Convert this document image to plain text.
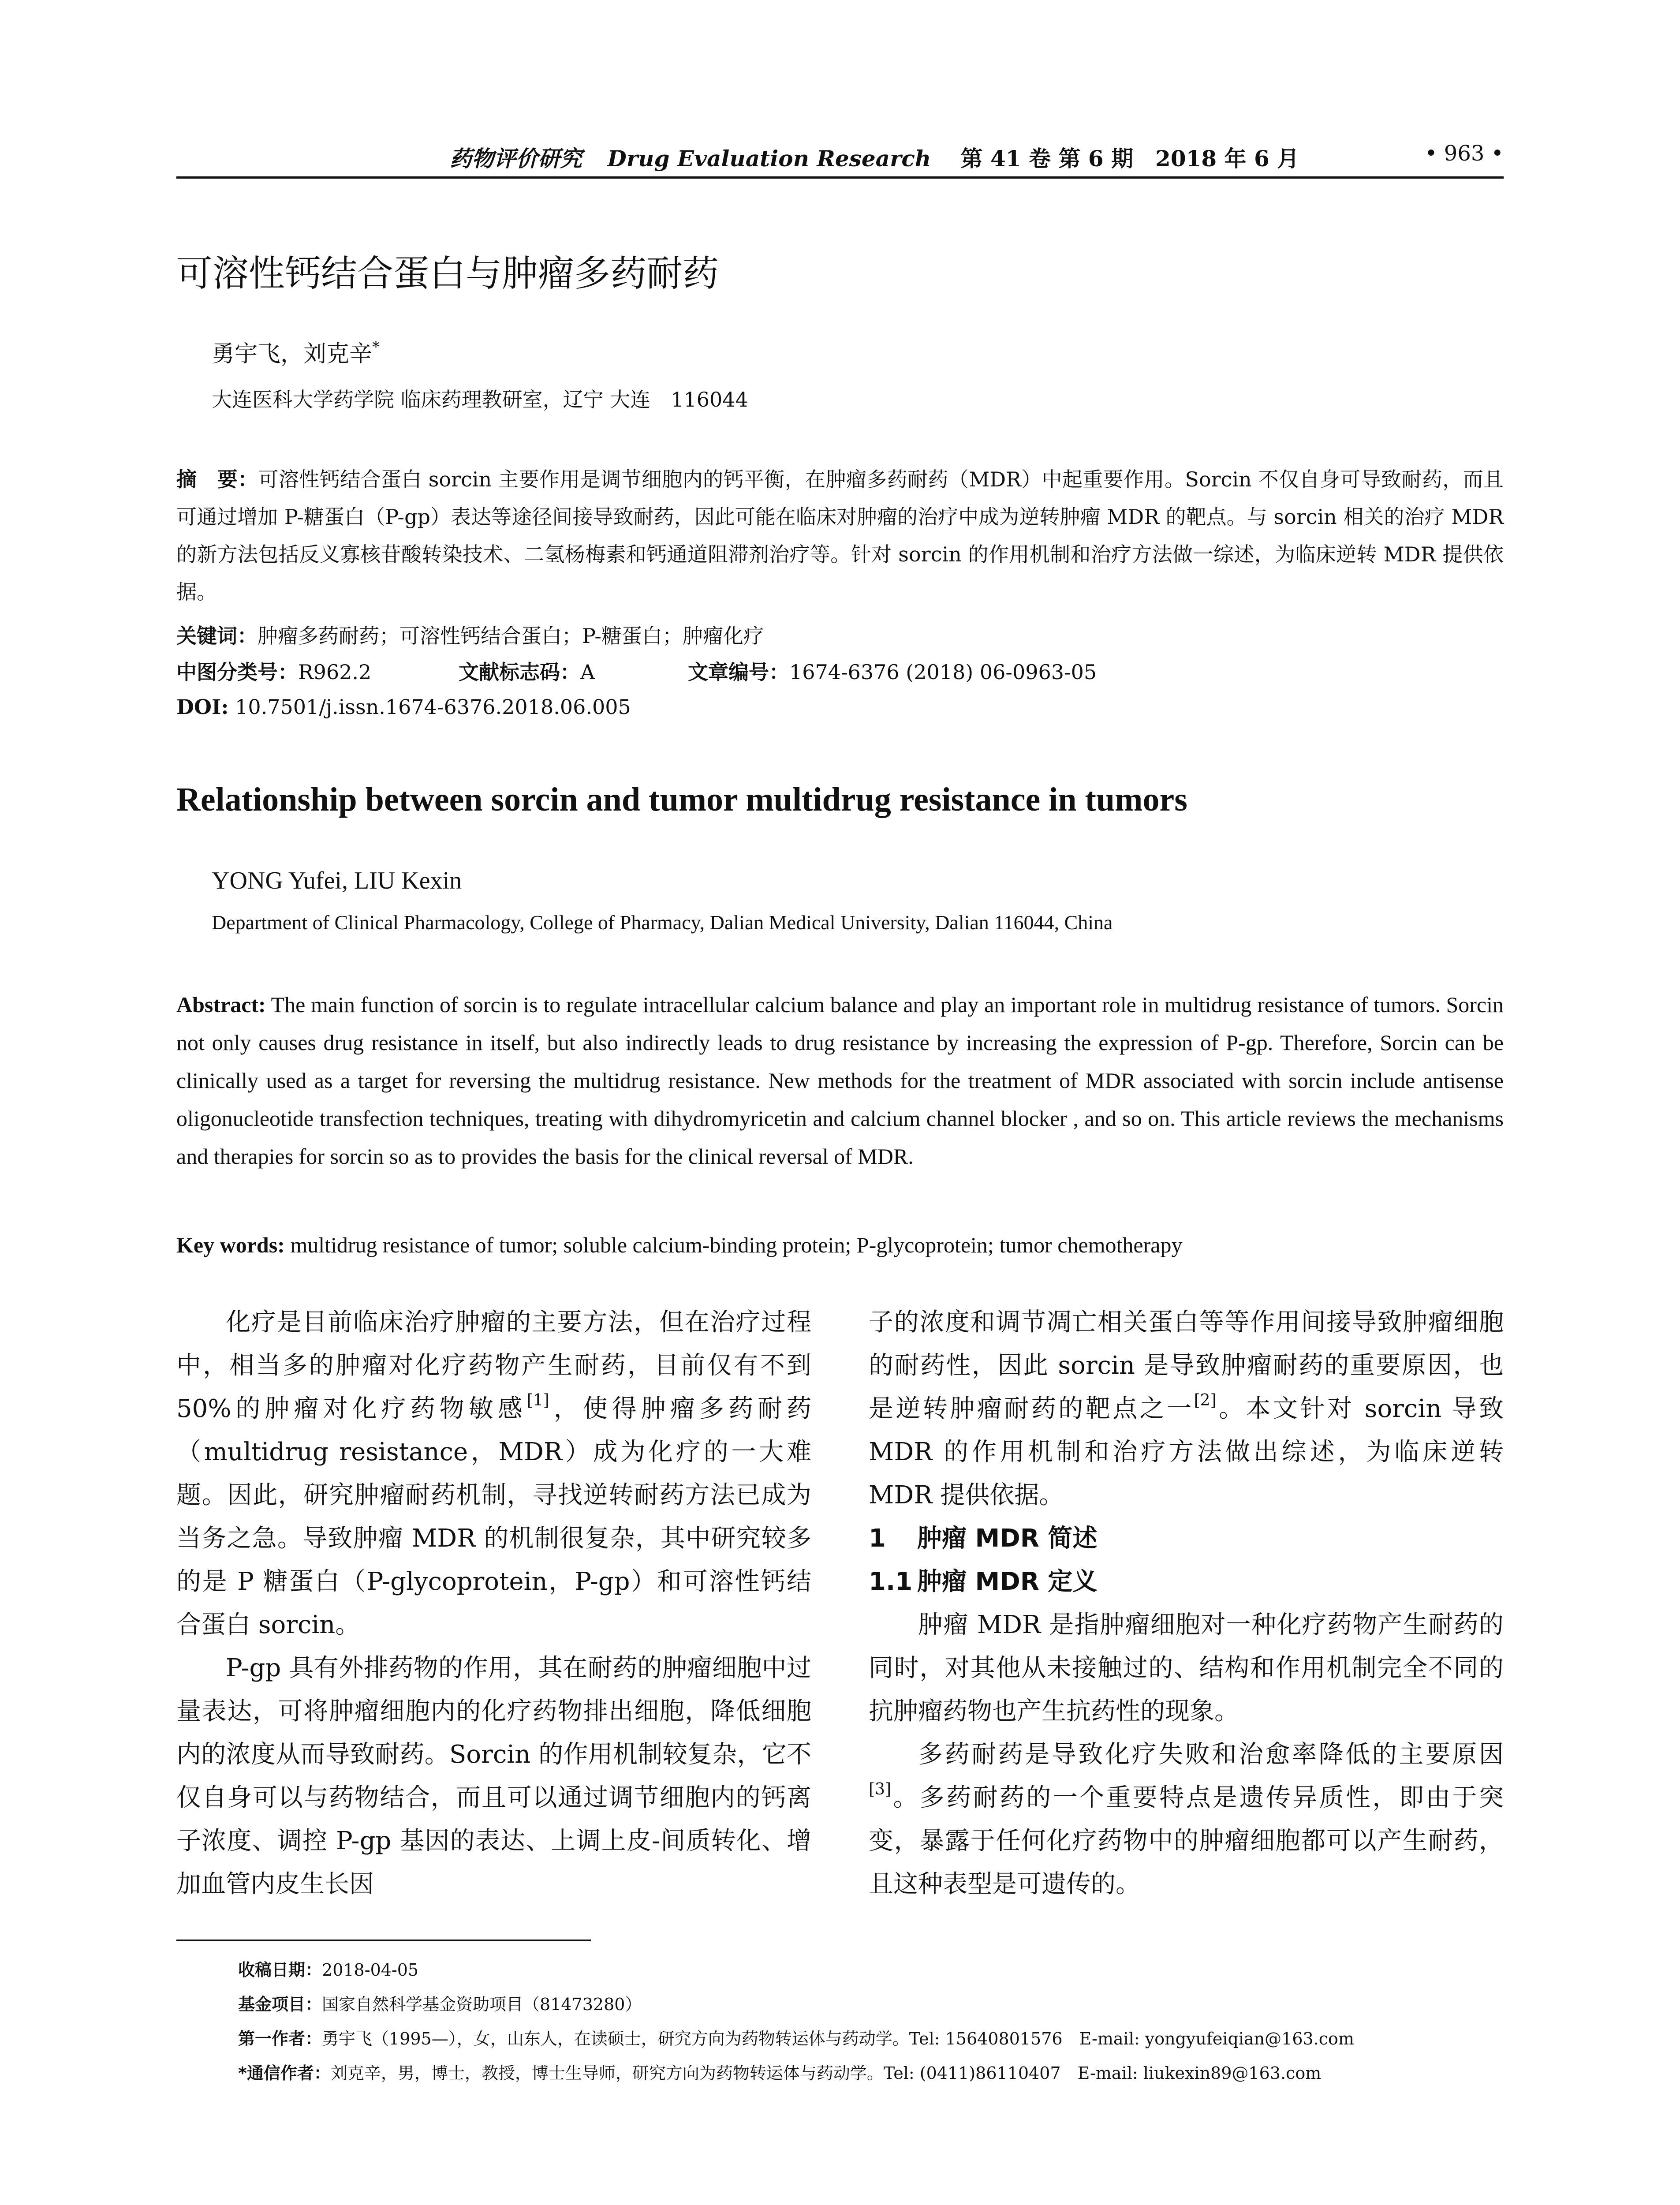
药物评价研究 Drug Evaluation Research 第 41 卷 第 6 期　2018 年 6 月	• 963 •
可溶性钙结合蛋白与肿瘤多药耐药
勇宇飞，刘克辛*
大连医科大学药学院 临床药理教研室，辽宁 大连　116044
摘　要：可溶性钙结合蛋白 sorcin 主要作用是调节细胞内的钙平衡，在肿瘤多药耐药（MDR）中起重要作用。Sorcin 不仅自身可导致耐药，而且可通过增加 P-糖蛋白（P-gp）表达等途径间接导致耐药，因此可能在临床对肿瘤的治疗中成为逆转肿瘤 MDR 的靶点。与 sorcin 相关的治疗 MDR 的新方法包括反义寡核苷酸转染技术、二氢杨梅素和钙通道阻滞剂治疗等。针对 sorcin 的作用机制和治疗方法做一综述，为临床逆转 MDR 提供依据。
关键词：肿瘤多药耐药；可溶性钙结合蛋白；P-糖蛋白；肿瘤化疗
中图分类号：R962.2	文献标志码：A	文章编号：1674-6376 (2018) 06-0963-05
DOI: 10.7501/j.issn.1674-6376.2018.06.005
Relationship between sorcin and tumor multidrug resistance in tumors
YONG Yufei, LIU Kexin
Department of Clinical Pharmacology, College of Pharmacy, Dalian Medical University, Dalian 116044, China
Abstract: The main function of sorcin is to regulate intracellular calcium balance and play an important role in multidrug resistance of tumors. Sorcin not only causes drug resistance in itself, but also indirectly leads to drug resistance by increasing the expression of P-gp. Therefore, Sorcin can be clinically used as a target for reversing the multidrug resistance. New methods for the treatment of MDR associated with sorcin include antisense oligonucleotide transfection techniques, treating with dihydromyricetin and calcium channel blocker , and so on. This article reviews the mechanisms and therapies for sorcin so as to provides the basis for the clinical reversal of MDR.
Key words: multidrug resistance of tumor; soluble calcium-binding protein; P-glycoprotein; tumor chemotherapy

化疗是目前临床治疗肿瘤的主要方法，但在治疗过程中，相当多的肿瘤对化疗药物产生耐药，目前仅有不到 50%的肿瘤对化疗药物敏感[1]，使得肿瘤多药耐药（multidrug resistance，MDR）成为化疗的一大难题。因此，研究肿瘤耐药机制，寻找逆转耐药方法已成为当务之急。导致肿瘤 MDR 的机制很复杂，其中研究较多的是 P 糖蛋白（P-glycoprotein，P-gp）和可溶性钙结合蛋白 sorcin。

P-gp 具有外排药物的作用，其在耐药的肿瘤细胞中过量表达，可将肿瘤细胞内的化疗药物排出细胞，降低细胞内的浓度从而导致耐药。Sorcin 的作用机制较复杂，它不仅自身可以与药物结合，而且可以通过调节细胞内的钙离子浓度、调控 P-gp 基因的表达、上调上皮-间质转化、增加血管内皮生长因

子的浓度和调节凋亡相关蛋白等等作用间接导致肿瘤细胞的耐药性，因此 sorcin 是导致肿瘤耐药的重要原因，也是逆转肿瘤耐药的靶点之一[2]。本文针对 sorcin 导致 MDR 的作用机制和治疗方法做出综述，为临床逆转 MDR 提供依据。

1 肿瘤 MDR 简述
1.1 肿瘤 MDR 定义

肿瘤 MDR 是指肿瘤细胞对一种化疗药物产生耐药的同时，对其他从未接触过的、结构和作用机制完全不同的抗肿瘤药物也产生抗药性的现象。

多药耐药是导致化疗失败和治愈率降低的主要原因[3]。多药耐药的一个重要特点是遗传异质性，即由于突变，暴露于任何化疗药物中的肿瘤细胞都可以产生耐药，且这种表型是可遗传的。

收稿日期：2018-04-05
基金项目：国家自然科学基金资助项目（81473280）
第一作者：勇宇飞（1995—），女，山东人，在读硕士，研究方向为药物转运体与药动学。Tel: 15640801576　E-mail: yongyufeiqian@163.com
*通信作者：刘克辛，男，博士，教授，博士生导师，研究方向为药物转运体与药动学。Tel: (0411)86110407　E-mail: liukexin89@163.com
